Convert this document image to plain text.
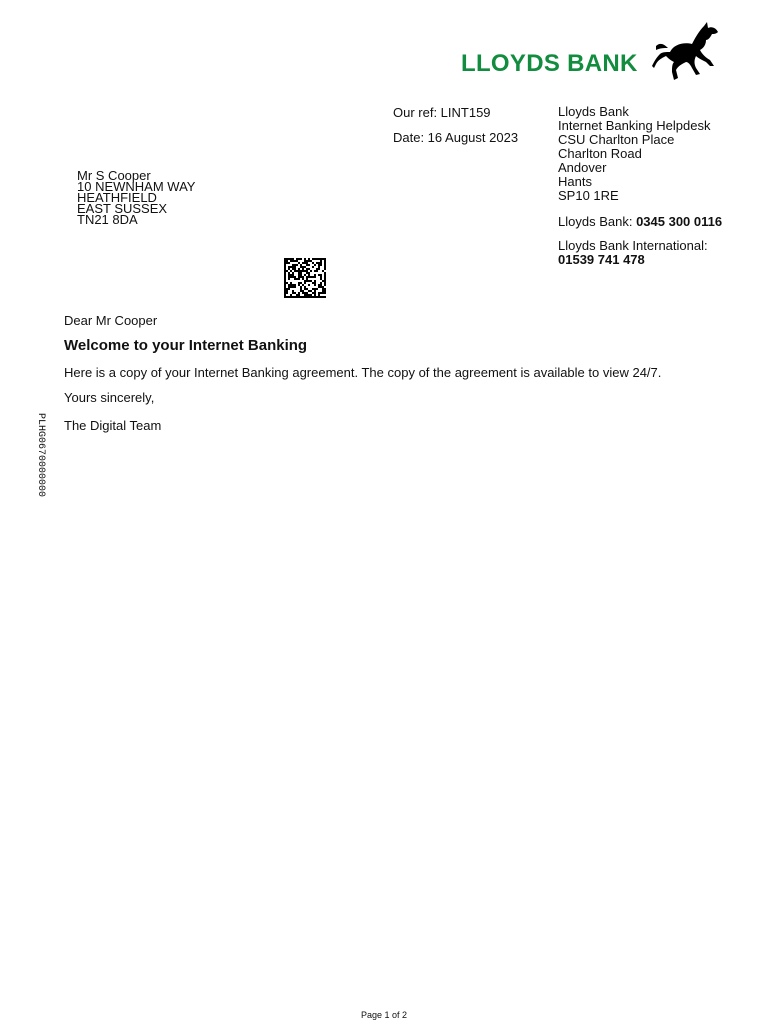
LLOYDS BANK
Our ref: LINT159
Date: 16 August 2023
Lloyds Bank
Internet Banking Helpdesk
CSU Charlton Place
Charlton Road
Andover
Hants
SP10 1RE
Lloyds Bank: 0345 300 0116
Lloyds Bank International:
01539 741 478
Mr S Cooper
10 NEWNHAM WAY
HEATHFIELD
EAST SUSSEX
TN21 8DA
Dear Mr Cooper
Welcome to your Internet Banking
Here is a copy of your Internet Banking agreement. The copy of the agreement is available to view 24/7.
Yours sincerely,
The Digital Team
PLHG0670000000
Page 1 of 2
